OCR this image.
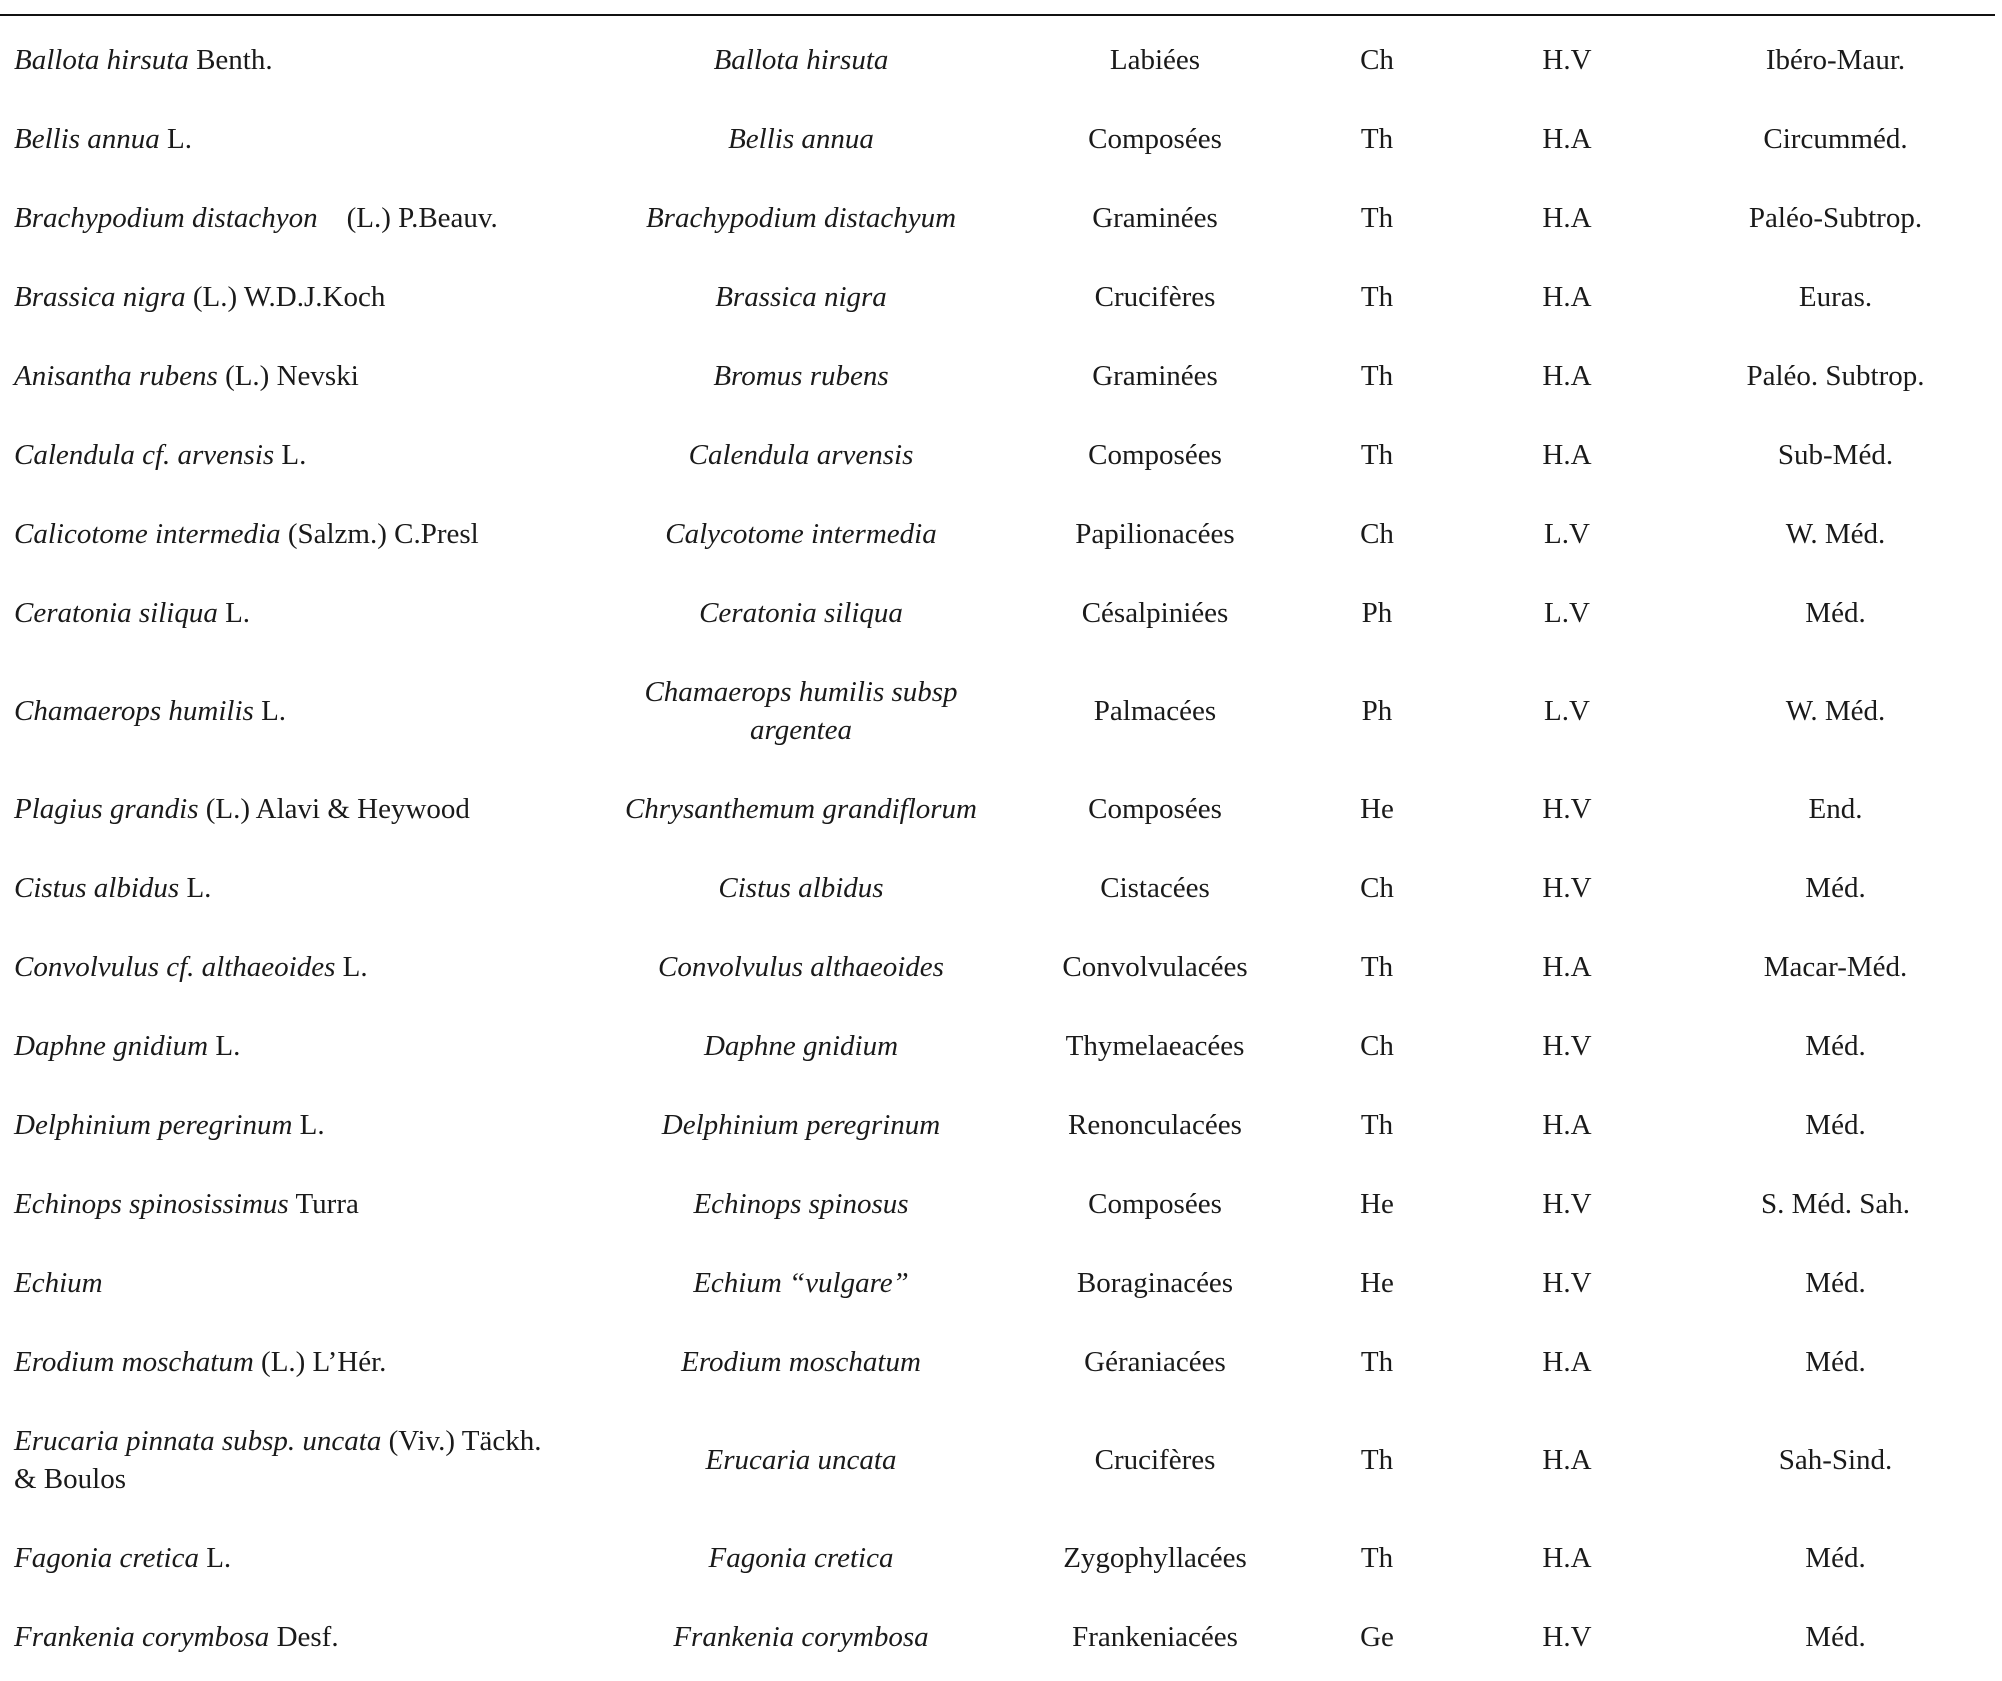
Ballota hirsuta Benth.	Ballota hirsuta	Labiées	Ch	H.V	Ibéro-Maur.
Bellis annua L.	Bellis annua	Composées	Th	H.A	Circumméd.
Brachypodium distachyon    (L.) P.Beauv.	Brachypodium distachyum	Graminées	Th	H.A	Paléo-Subtrop.
Brassica nigra (L.) W.D.J.Koch	Brassica nigra	Crucifères	Th	H.A	Euras.
Anisantha rubens (L.) Nevski	Bromus rubens	Graminées	Th	H.A	Paléo. Subtrop.
Calendula cf. arvensis L.	Calendula arvensis	Composées	Th	H.A	Sub-Méd.
Calicotome intermedia (Salzm.) C.Presl	Calycotome intermedia	Papilionacées	Ch	L.V	W. Méd.
Ceratonia siliqua L.	Ceratonia siliqua	Césalpiniées	Ph	L.V	Méd.
Chamaerops humilis L.	Chamaerops humilis subsp argentea	Palmacées	Ph	L.V	W. Méd.
Plagius grandis (L.) Alavi & Heywood	Chrysanthemum grandiflorum	Composées	He	H.V	End.
Cistus albidus L.	Cistus albidus	Cistacées	Ch	H.V	Méd.
Convolvulus cf. althaeoides L.	Convolvulus althaeoides	Convolvulacées	Th	H.A	Macar-Méd.
Daphne gnidium L.	Daphne gnidium	Thymelaeacées	Ch	H.V	Méd.
Delphinium peregrinum L.	Delphinium peregrinum	Renonculacées	Th	H.A	Méd.
Echinops spinosissimus Turra	Echinops spinosus	Composées	He	H.V	S. Méd. Sah.
Echium	Echium “vulgare”	Boraginacées	He	H.V	Méd.
Erodium moschatum (L.) L’Hér.	Erodium moschatum	Géraniacées	Th	H.A	Méd.
Erucaria pinnata subsp. uncata (Viv.) Täckh. & Boulos	Erucaria uncata	Crucifères	Th	H.A	Sah-Sind.
Fagonia cretica L.	Fagonia cretica	Zygophyllacées	Th	H.A	Méd.
Frankenia corymbosa Desf.	Frankenia corymbosa	Frankeniacées	Ge	H.V	Méd.
